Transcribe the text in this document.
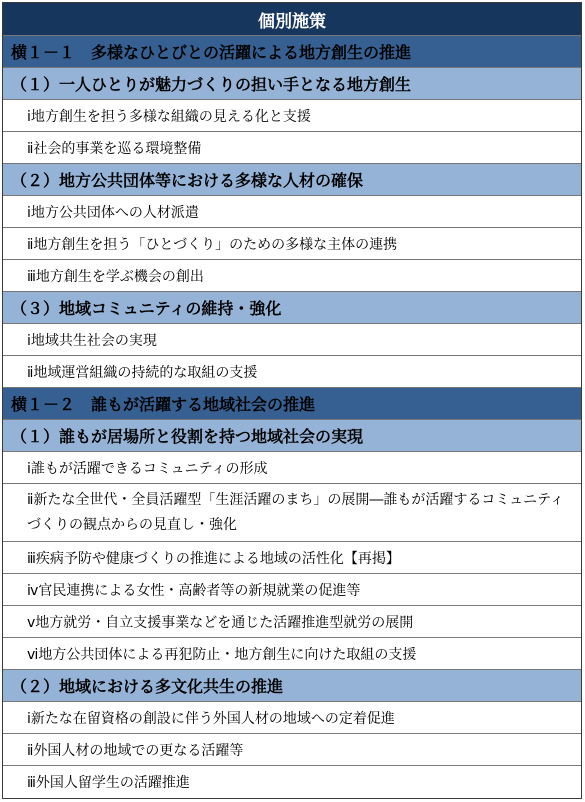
個別施策
横１－１　多様なひとびとの活躍による地方創生の推進
（１）一人ひとりが魅力づくりの担い手となる地方創生
ⅰ地方創生を担う多様な組織の見える化と支援
ⅱ社会的事業を巡る環境整備
（２）地方公共団体等における多様な人材の確保
ⅰ地方公共団体への人材派遣
ⅱ地方創生を担う「ひとづくり」のための多様な主体の連携
ⅲ地方創生を学ぶ機会の創出
（３）地域コミュニティの維持・強化
ⅰ地域共生社会の実現
ⅱ地域運営組織の持続的な取組の支援
横１－２　誰もが活躍する地域社会の推進
（１）誰もが居場所と役割を持つ地域社会の実現
ⅰ誰もが活躍できるコミュニティの形成
ⅱ新たな全世代・全員活躍型「生涯活躍のまち」の展開―誰もが活躍するコミュニティづくりの観点からの見直し・強化
ⅲ疾病予防や健康づくりの推進による地域の活性化【再掲】
ⅳ官民連携による女性・高齢者等の新規就業の促進等
ⅴ地方就労・自立支援事業などを通じた活躍推進型就労の展開
ⅵ地方公共団体による再犯防止・地方創生に向けた取組の支援
（２）地域における多文化共生の推進
ⅰ新たな在留資格の創設に伴う外国人材の地域への定着促進
ⅱ外国人材の地域での更なる活躍等
ⅲ外国人留学生の活躍推進
